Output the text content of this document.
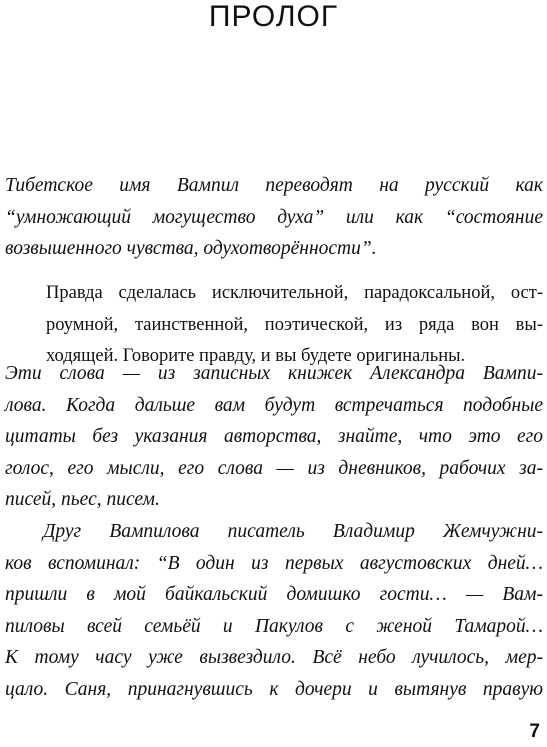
ПРОЛОГ
Тибетское имя Вампил переводят на русский как
“умножающий могущество духа” или как “состояние
возвышенного чувства, одухотворённости”.
Правда сделалась исключительной, парадоксальной, ост-
роумной, таинственной, поэтической, из ряда вон вы-
ходящей. Говорите правду, и вы будете оригинальны.
Эти слова — из записных книжек Александра Вампи-
лова. Когда дальше вам будут встречаться подобные
цитаты без указания авторства, знайте, что это его
голос, его мысли, его слова — из дневников, рабочих за-
писей, пьес, писем.
Друг Вампилова писатель Владимир Жемчужни-
ков вспоминал: “В один из первых августовских дней…
пришли в мой байкальский домишко гости… — Вам-
пиловы всей семьёй и Пакулов с женой Тамарой…
К тому часу уже вызвездило. Всё небо лучилось, мер-
цало. Саня, принагнувшись к дочери и вытянув правую
7
